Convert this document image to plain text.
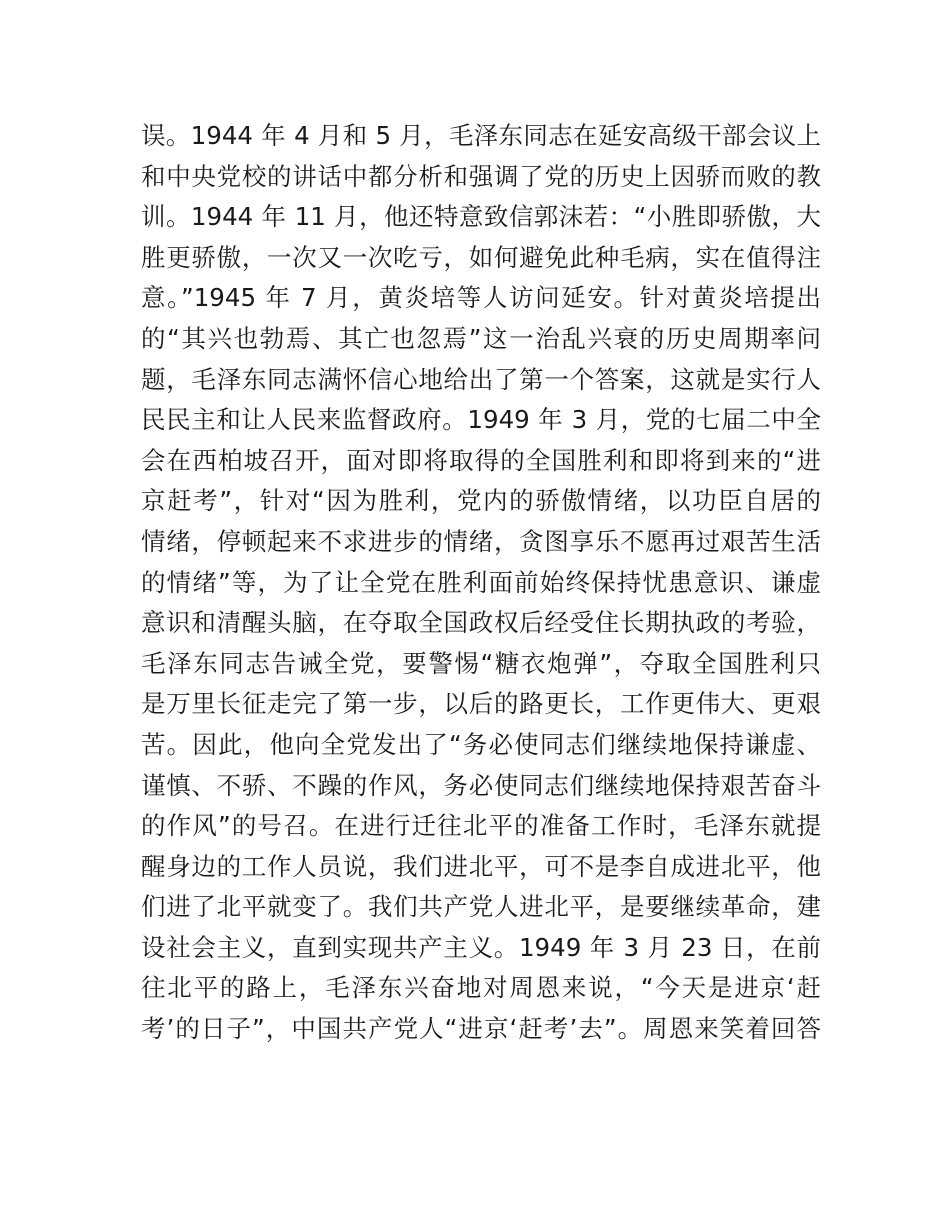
误。1944 年 4 月和 5 月，毛泽东同志在延安高级干部会议上
和中央党校的讲话中都分析和强调了党的历史上因骄而败的教
训。1944 年 11 月，他还特意致信郭沫若：“小胜即骄傲，大
胜更骄傲，一次又一次吃亏，如何避免此种毛病，实在值得注
意。”1945 年 7 月，黄炎培等人访问延安。针对黄炎培提出
的“其兴也勃焉、其亡也忽焉”这一治乱兴衰的历史周期率问
题，毛泽东同志满怀信心地给出了第一个答案，这就是实行人
民民主和让人民来监督政府。1949 年 3 月，党的七届二中全
会在西柏坡召开，面对即将取得的全国胜利和即将到来的“进
京赶考”，针对“因为胜利，党内的骄傲情绪，以功臣自居的
情绪，停顿起来不求进步的情绪，贪图享乐不愿再过艰苦生活
的情绪”等，为了让全党在胜利面前始终保持忧患意识、谦虚
意识和清醒头脑，在夺取全国政权后经受住长期执政的考验，
毛泽东同志告诫全党，要警惕“糖衣炮弹”，夺取全国胜利只
是万里长征走完了第一步，以后的路更长，工作更伟大、更艰
苦。因此，他向全党发出了“务必使同志们继续地保持谦虚、
谨慎、不骄、不躁的作风，务必使同志们继续地保持艰苦奋斗
的作风”的号召。在进行迁往北平的准备工作时，毛泽东就提
醒身边的工作人员说，我们进北平，可不是李自成进北平，他
们进了北平就变了。我们共产党人进北平，是要继续革命，建
设社会主义，直到实现共产主义。1949 年 3 月 23 日，在前
往北平的路上，毛泽东兴奋地对周恩来说，“今天是进京‘赶
考’的日子”，中国共产党人“进京‘赶考’去”。周恩来笑着回答
